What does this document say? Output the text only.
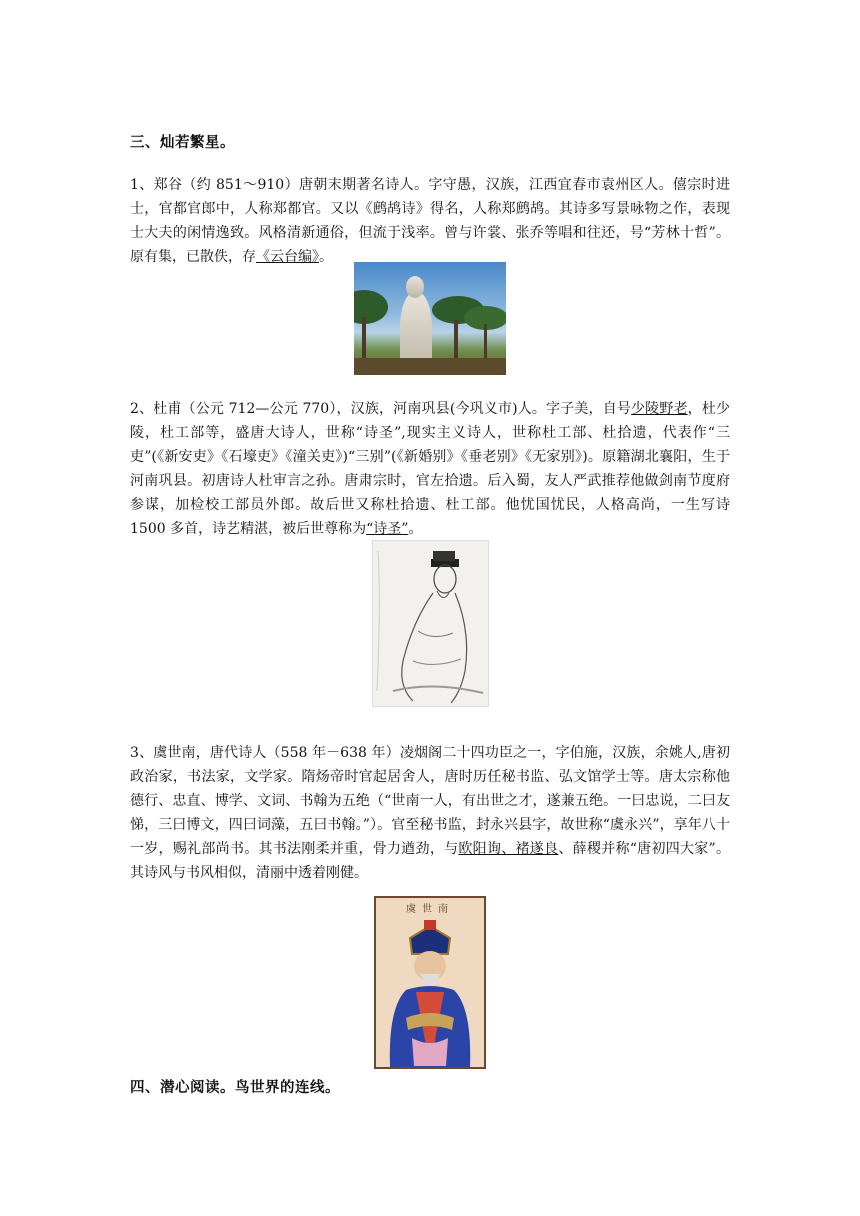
三、灿若繁星。
1、郑谷（约 851～910）唐朝末期著名诗人。字守愚，汉族，江西宜春市袁州区人。僖宗时进士，官都官郎中，人称郑都官。又以《鹧鸪诗》得名，人称郑鹧鸪。其诗多写景咏物之作，表现士大夫的闲情逸致。风格清新通俗，但流于浅率。曾与许裳、张乔等唱和往还，号“芳林十哲”。原有集，已散佚，存《云台编》。
2、杜甫（公元 712—公元 770），汉族，河南巩县(今巩义市)人。字子美，自号少陵野老，杜少陵，杜工部等，盛唐大诗人，世称“诗圣”,现实主义诗人，世称杜工部、杜拾遗，代表作“三吏”(《新安吏》《石壕吏》《潼关吏》)“三别”(《新婚别》《垂老别》《无家别》)。原籍湖北襄阳，生于河南巩县。初唐诗人杜审言之孙。唐肃宗时，官左拾遗。后入蜀，友人严武推荐他做剑南节度府参谋，加检校工部员外郎。故后世又称杜拾遗、杜工部。他忧国忧民，人格高尚，一生写诗 1500 多首，诗艺精湛，被后世尊称为“诗圣”。
3、虞世南，唐代诗人（558 年－638 年）凌烟阁二十四功臣之一，字伯施，汉族，余姚人,唐初政治家，书法家，文学家。隋炀帝时官起居舍人，唐时历任秘书监、弘文馆学士等。唐太宗称他德行、忠直、博学、文词、书翰为五绝（“世南一人，有出世之才，遂兼五绝。一曰忠说，二曰友悌，三曰博文，四曰词藻，五曰书翰。”）。官至秘书监，封永兴县字，故世称“虞永兴”，享年八十一岁，赐礼部尚书。其书法刚柔并重，骨力遒劲，与欧阳询、褚遂良、薛稷并称“唐初四大家”。其诗风与书风相似，清丽中透着刚健。
虞世南
四、潜心阅读。鸟世界的连线。
